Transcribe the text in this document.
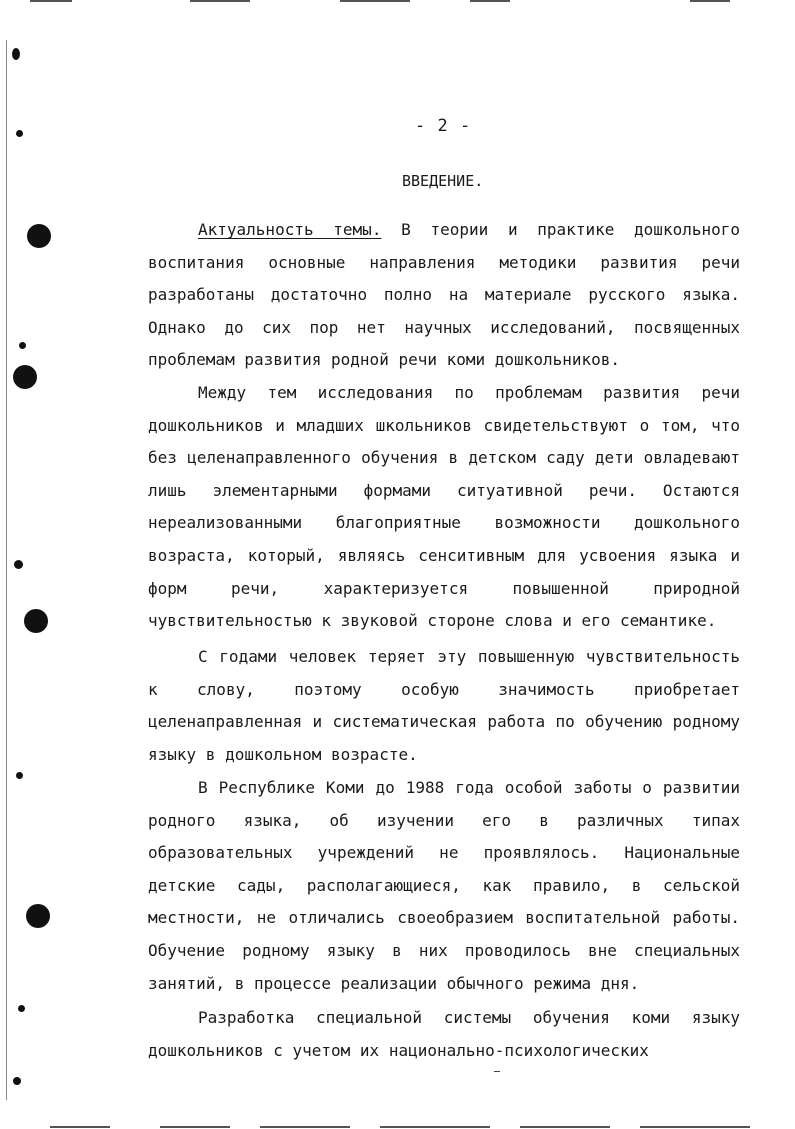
- 2 -
ВВЕДЕНИЕ.

Актуальность темы. В теории и практике дошкольного воспитания основные направления методики развития речи разработаны достаточно полно на материале русского языка. Однако до сих пор нет научных исследований, посвященных проблемам развития родной речи коми дошкольников.

Между тем исследования по проблемам развития речи дошкольников и младших школьников свидетельствуют о том, что без целенаправленного обучения в детском саду дети овладевают лишь элементарными формами ситуативной речи. Остаются нереализованными благоприятные возможности дошкольного возраста, который, являясь сенситивным для усвоения языка и форм речи, характеризуется повышенной природной чувствительностью к звуковой стороне слова и его семантике.

С годами человек теряет эту повышенную чувствительность к слову, поэтому особую значимость приобретает целенаправленная и систематическая работа по обучению родному языку в дошкольном возрасте.

В Республике Коми до 1988 года особой заботы о развитии родного языка, об изучении его в различных типах образовательных учреждений не проявлялось. Национальные детские сады, располагающиеся, как правило, в сельской местности, не отличались своеобразием воспитательной работы. Обучение родному языку в них проводилось вне специальных занятий, в процессе реализации обычного режима дня.

Разработка специальной системы обучения коми языку дошкольников с учетом их национально-психологических
